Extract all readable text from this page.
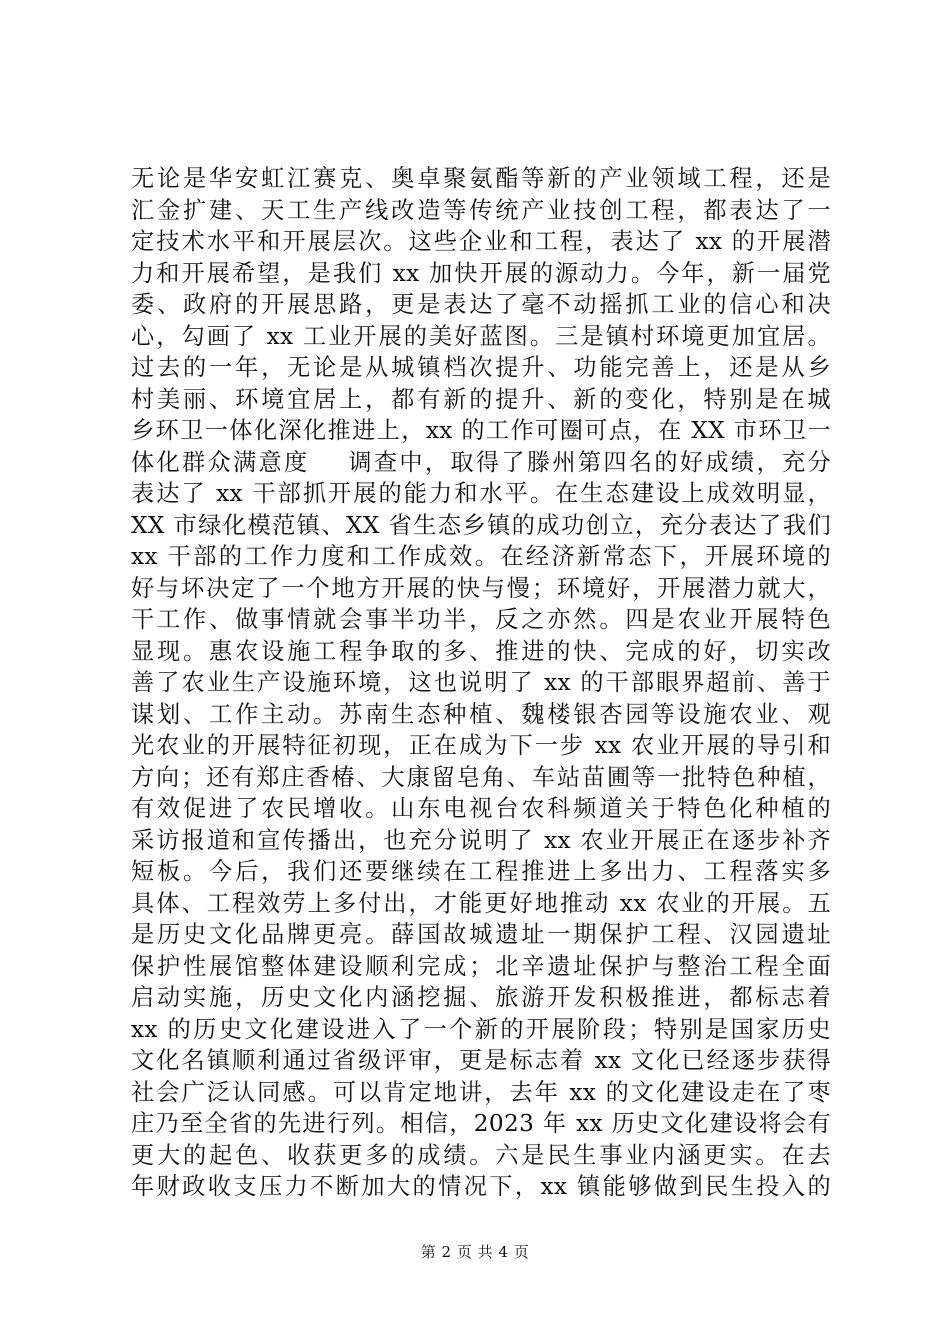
无论是华安虹江赛克、奥卓聚氨酯等新的产业领域工程，还是
汇金扩建、天工生产线改造等传统产业技创工程，都表达了一
定技术水平和开展层次。这些企业和工程，表达了 xx 的开展潜
力和开展希望，是我们 xx 加快开展的源动力。今年，新一届党
委、政府的开展思路，更是表达了毫不动摇抓工业的信心和决
心，勾画了 xx 工业开展的美好蓝图。三是镇村环境更加宜居。
过去的一年，无论是从城镇档次提升、功能完善上，还是从乡
村美丽、环境宜居上，都有新的提升、新的变化，特别是在城
乡环卫一体化深化推进上，xx 的工作可圈可点，在 XX 市环卫一
体化群众满意度    调查中，取得了滕州第四名的好成绩，充分
表达了 xx 干部抓开展的能力和水平。在生态建设上成效明显，
XX 市绿化模范镇、XX 省生态乡镇的成功创立，充分表达了我们
xx 干部的工作力度和工作成效。在经济新常态下，开展环境的
好与坏决定了一个地方开展的快与慢；环境好，开展潜力就大，
干工作、做事情就会事半功半，反之亦然。四是农业开展特色
显现。惠农设施工程争取的多、推进的快、完成的好，切实改
善了农业生产设施环境，这也说明了 xx 的干部眼界超前、善于
谋划、工作主动。苏南生态种植、魏楼银杏园等设施农业、观
光农业的开展特征初现，正在成为下一步 xx 农业开展的导引和
方向；还有郑庄香椿、大康留皂角、车站苗圃等一批特色种植，
有效促进了农民增收。山东电视台农科频道关于特色化种植的
采访报道和宣传播出，也充分说明了 xx 农业开展正在逐步补齐
短板。今后，我们还要继续在工程推进上多出力、工程落实多
具体、工程效劳上多付出，才能更好地推动 xx 农业的开展。五
是历史文化品牌更亮。薛国故城遗址一期保护工程、汉园遗址
保护性展馆整体建设顺利完成；北辛遗址保护与整治工程全面
启动实施，历史文化内涵挖掘、旅游开发积极推进，都标志着
xx 的历史文化建设进入了一个新的开展阶段；特别是国家历史
文化名镇顺利通过省级评审，更是标志着 xx 文化已经逐步获得
社会广泛认同感。可以肯定地讲，去年 xx 的文化建设走在了枣
庄乃至全省的先进行列。相信，2023 年 xx 历史文化建设将会有
更大的起色、收获更多的成绩。六是民生事业内涵更实。在去
年财政收支压力不断加大的情况下，xx 镇能够做到民生投入的
第 2 页 共 4 页
